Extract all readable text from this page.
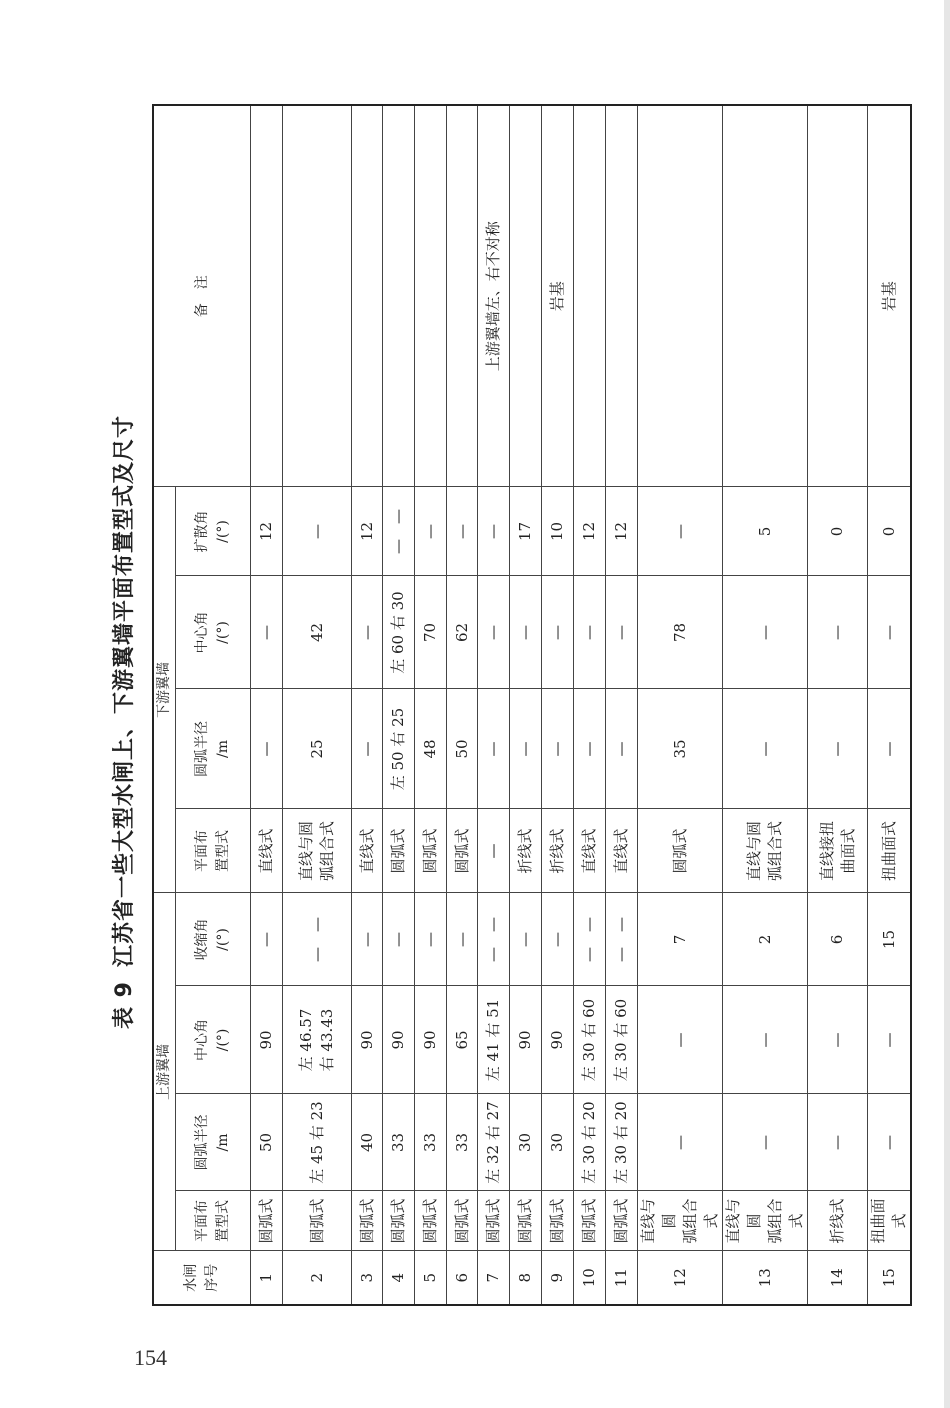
154
表 9江苏省一些大型水闸上、下游翼墙平面布置型式及尺寸
水闸
序号	上游翼墙				下游翼墙				备　注
	平面布
置型式	圆弧半径
/m	中心角
/(°)	收缩角
/(°)	平面布
置型式	圆弧半径
/m	中心角
/(°)	扩散角
/(°)	
1	圆弧式	50	90	—	直线式	—	—	12	
2	圆弧式	左 45 右 23	左 46.57
右 43.43	—　—	直线与圆
弧组合式	25	42	—	
3	圆弧式	40	90	—	直线式	—	—	12	
4	圆弧式	33	90	—	圆弧式	左 50 右 25	左 60 右 30	—　—	
5	圆弧式	33	90	—	圆弧式	48	70	—	
6	圆弧式	33	65	—	圆弧式	50	62	—	
7	圆弧式	左 32 右 27	左 41 右 51	—　—	—	—	—	—	上游翼墙左、右不对称
8	圆弧式	30	90	—	折线式	—	—	17	
9	圆弧式	30	90	—	折线式	—	—	10	岩基
10	圆弧式	左 30 右 20	左 30 右 60	—　—	直线式	—	—	12	
11	圆弧式	左 30 右 20	左 30 右 60	—　—	直线式	—	—	12	
12	直线与圆
弧组合式	—	—	7	圆弧式	35	78	—	
13	直线与圆
弧组合式	—	—	2	直线与圆
弧组合式	—	—	5	
14	折线式	—	—	6	直线接扭
曲面式	—	—	0	
15	扭曲面式	—	—	15	扭曲面式	—	—	0	岩基
